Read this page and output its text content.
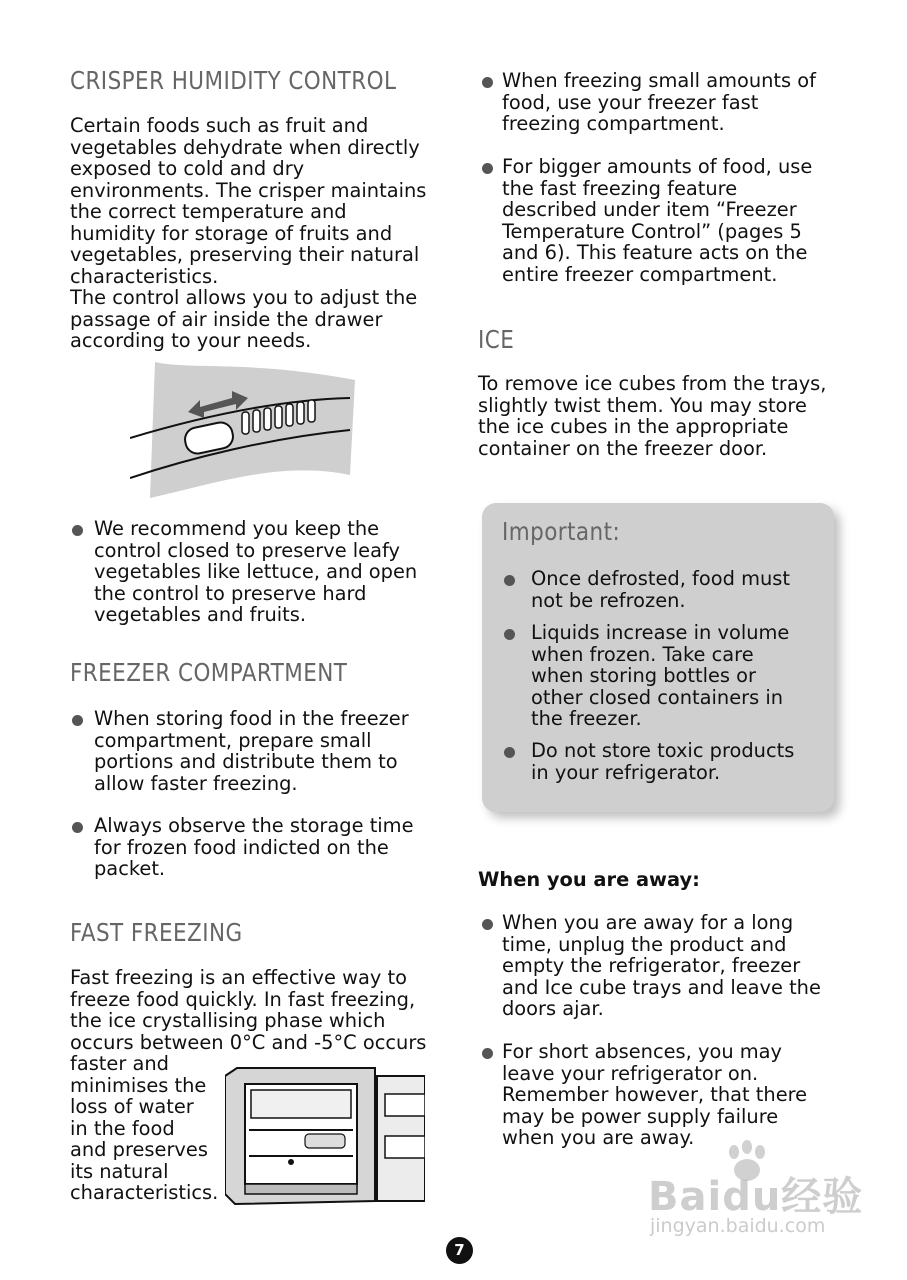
CRISPER HUMIDITY CONTROL
Certain foods such as fruit and
vegetables dehydrate when directly
exposed to cold and dry
environments. The crisper maintains
the correct temperature and
humidity for storage of fruits and
vegetables, preserving their natural
characteristics.
The control allows you to adjust the
passage of air inside the drawer
according to your needs.
We recommend you keep the
control closed to preserve leafy
vegetables like lettuce, and open
the control to preserve hard
vegetables and fruits.
FREEZER COMPARTMENT
When storing food in the freezer
compartment, prepare small
portions and distribute them to
allow faster freezing.
Always observe the storage time
for frozen food indicted on the
packet.
FAST FREEZING
Fast freezing is an effective way to
freeze food quickly. In fast freezing,
the ice crystallising phase which
occurs between 0°C and -5°C occurs
faster and
minimises the
loss of water
in the food
and preserves
its natural
characteristics.
When freezing small amounts of
food, use your freezer fast
freezing compartment.
For bigger amounts of food, use
the fast freezing feature
described under item “Freezer
Temperature Control” (pages 5
and 6). This feature acts on the
entire freezer compartment.
ICE
To remove ice cubes from the trays,
slightly twist them. You may store
the ice cubes in the appropriate
container on the freezer door.
Important:
Once defrosted, food must
not be refrozen.
Liquids increase in volume
when frozen. Take care
when storing bottles or
other closed containers in
the freezer.
Do not store toxic products
in your refrigerator.
When you are away:
When you are away for a long
time, unplug the product and
empty the refrigerator, freezer
and Ice cube trays and leave the
doors ajar.
For short absences, you may
leave your refrigerator on.
Remember however, that there
may be power supply failure
when you are away.
Baidu经验
jingyan.baidu.com
7
